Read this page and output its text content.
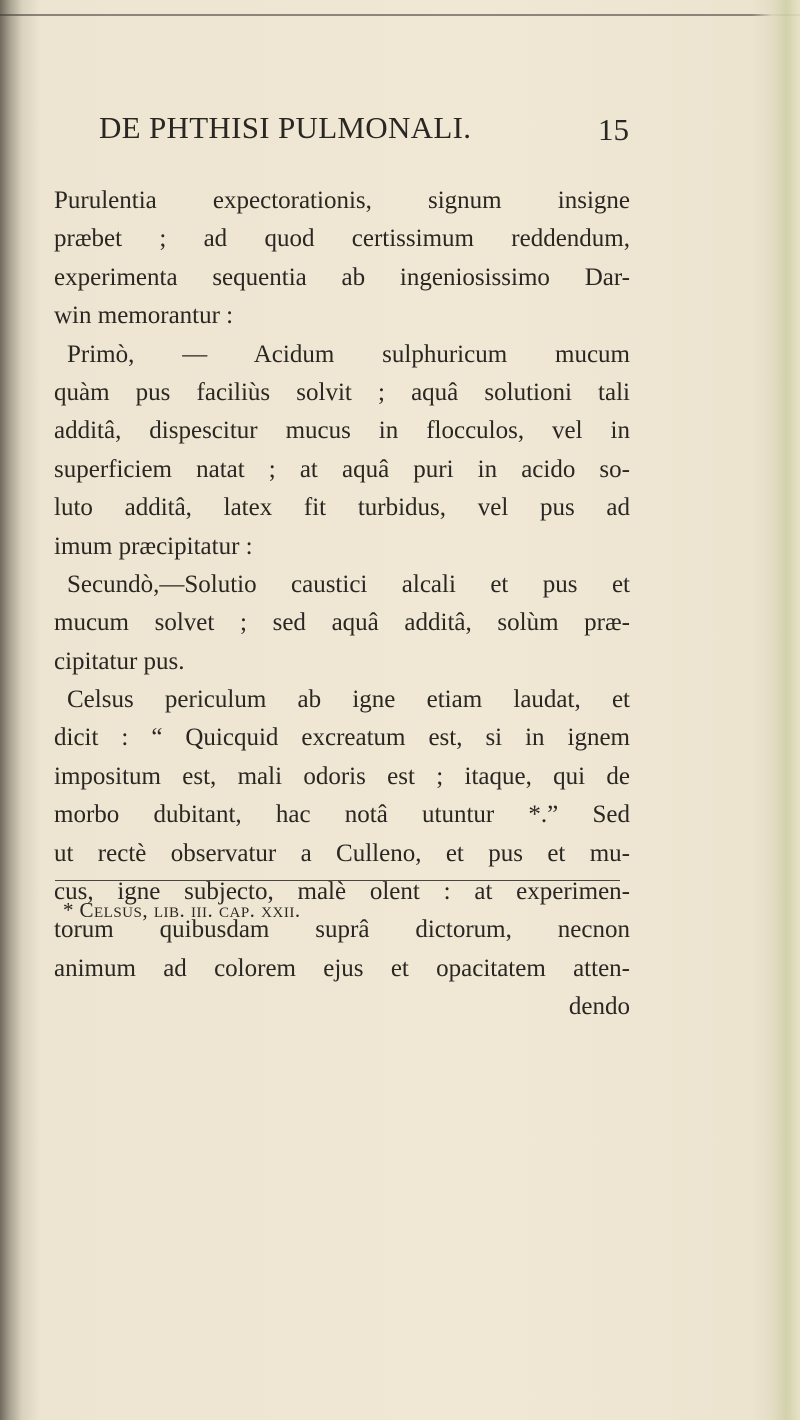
DE PHTHISI PULMONALI.	15
Purulentia expectorationis, signum insigne
præbet ; ad quod certissimum reddendum,
experimenta sequentia ab ingeniosissimo Dar-
win memorantur :
Primò, — Acidum sulphuricum mucum
quàm pus faciliùs solvit ; aquâ solutioni tali
additâ, dispescitur mucus in flocculos, vel in
superficiem natat ; at aquâ puri in acido so-
luto additâ, latex fit turbidus, vel pus ad
imum præcipitatur :
Secundò,—Solutio caustici alcali et pus et
mucum solvet ; sed aquâ additâ, solùm præ-
cipitatur pus.
Celsus periculum ab igne etiam laudat, et
dicit : “ Quicquid excreatum est, si in ignem
impositum est, mali odoris est ; itaque, qui de
morbo dubitant, hac notâ utuntur *.” Sed
ut rectè observatur a Culleno, et pus et mu-
cus, igne subjecto, malè olent : at experimen-
torum quibusdam suprâ dictorum, necnon
animum ad colorem ejus et opacitatem atten-
dendo
* Celsus, lib. iii. cap. xxii.
